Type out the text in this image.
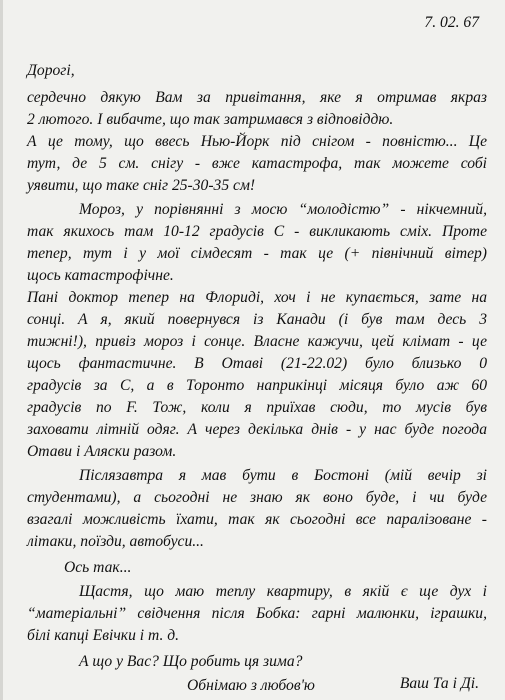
7. 02. 67
Дорогі,
сердечно дякую Вам за привітання, яке я отримав якраз
2 лютого. І вибачте, що так затримався з відповіддю.
А це тому, що ввесь Нью-Йорк під снігом - повністю... Це
тут, де 5 см. снігу - вже катастрофа, так можете собі
уявити, що таке сніг 25-30-35 см!
Мороз, у порівнянні з мосю “молодістю” - нікчемний,
так якихось там 10-12 градусів С - викликають сміх. Проте
тепер, тут і у мої сімдесят - так це (+ північний вітер)
щось катастрофічне.
Пані доктор тепер на Флориді, хоч і не купається, зате на
сонці. А я, який повернувся із Канади (і був там десь 3
тижні!), привіз мороз і сонце. Власне кажучи, цей клімат - це
щось фантастичне. В Отаві (21-22.02) було близько 0
градусів за С, а в Торонто наприкінці місяця було аж 60
градусів по F. Тож, коли я приїхав сюди, то мусів був
заховати літній одяг. А через декілька днів - у нас буде погода
Отави і Аляски разом.
Післязавтра я мав бути в Бостоні (мій вечір зі
студентами), а сьогодні не знаю як воно буде, і чи буде
взагалі можливість їхати, так як сьогодні все паралізоване -
літаки, поїзди, автобуси...
Ось так...
Щастя, що маю теплу квартиру, в якій є ще дух і
“матеріальні” свідчення після Бобка: гарні малюнки, іграшки,
білі капці Евічки і т. д.
А що у Вас? Що робить ця зима?
Обнімаю з любов'ю	Ваш Та і Ді.
